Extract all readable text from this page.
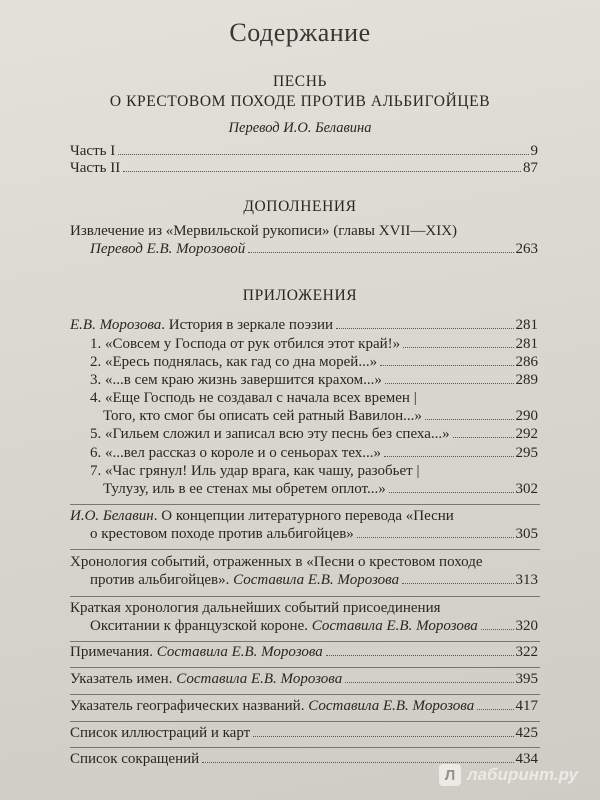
Содержание
ПЕСНЬ
О КРЕСТОВОМ ПОХОДЕ ПРОТИВ АЛЬБИГОЙЦЕВ
Перевод И.О. Белавина
Часть I	9
Часть II	87
ДОПОЛНЕНИЯ
Извлечение из «Мервильской рукописи» (главы XVII—XIX)
Перевод Е.В. Морозовой	263
ПРИЛОЖЕНИЯ
Е.В. Морозова. История в зеркале поэзии	281
1. «Совсем у Господа от рук отбился этот край!»	281
2. «Ересь поднялась, как гад со дна морей...»	286
3. «...в сем краю жизнь завершится крахом...»	289
4. «Еще Господь не создавал с начала всех времен |
Того, кто смог бы описать сей ратный Вавилон...»	290
5. «Гильем сложил и записал всю эту песнь без спеха...»	292
6. «...вел рассказ о короле и о сеньорах тех...»	295
7. «Час грянул! Иль удар врага, как чашу, разобьет |
Тулузу, иль в ее стенах мы обретем оплот...»	302
И.О. Белавин. О концепции литературного перевода «Песни
о крестовом походе против альбигойцев»	305
Хронология событий, отраженных в «Песни о крестовом походе
против альбигойцев». Составила Е.В. Морозова	313
Краткая хронология дальнейших событий присоединения
Окситании к французской короне. Составила Е.В. Морозова	320
Примечания. Составила Е.В. Морозова	322
Указатель имен. Составила Е.В. Морозова	395
Указатель географических названий. Составила Е.В. Морозова	417
Список иллюстраций и карт	425
Список сокращений	434
Л лабиринт.ру
